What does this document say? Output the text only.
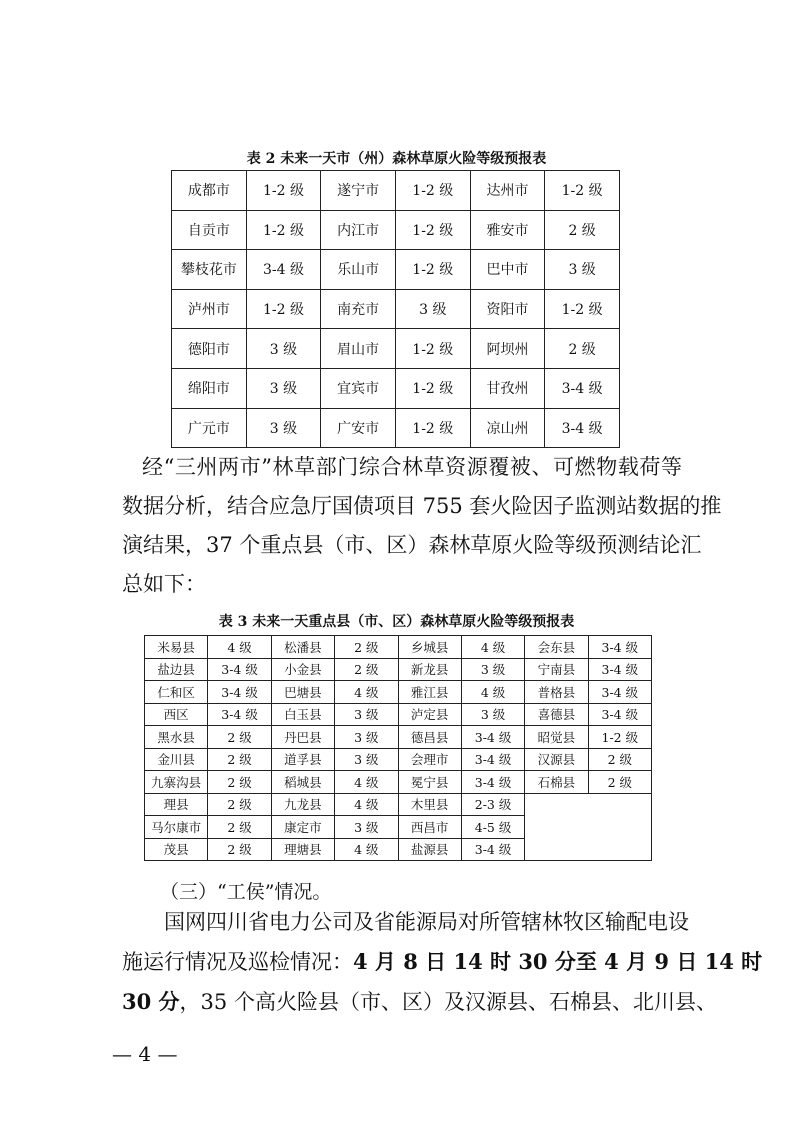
表 2 未来一天市（州）森林草原火险等级预报表
成都市	1-2 级	遂宁市	1-2 级	达州市	1-2 级
自贡市	1-2 级	内江市	1-2 级	雅安市	2 级
攀枝花市	3-4 级	乐山市	1-2 级	巴中市	3 级
泸州市	1-2 级	南充市	3 级	资阳市	1-2 级
德阳市	3 级	眉山市	1-2 级	阿坝州	2 级
绵阳市	3 级	宜宾市	1-2 级	甘孜州	3-4 级
广元市	3 级	广安市	1-2 级	凉山州	3-4 级
经“三州两市”林草部门综合林草资源覆被、可燃物载荷等
数据分析，结合应急厅国债项目 755 套火险因子监测站数据的推
演结果，37 个重点县（市、区）森林草原火险等级预测结论汇
总如下：
表 3 未来一天重点县（市、区）森林草原火险等级预报表
米易县	4 级	松潘县	2 级	乡城县	4 级	会东县	3-4 级
盐边县	3-4 级	小金县	2 级	新龙县	3 级	宁南县	3-4 级
仁和区	3-4 级	巴塘县	4 级	雅江县	4 级	普格县	3-4 级
西区	3-4 级	白玉县	3 级	泸定县	3 级	喜德县	3-4 级
黑水县	2 级	丹巴县	3 级	德昌县	3-4 级	昭觉县	1-2 级
金川县	2 级	道孚县	3 级	会理市	3-4 级	汉源县	2 级
九寨沟县	2 级	稻城县	4 级	冕宁县	3-4 级	石棉县	2 级
理县	2 级	九龙县	4 级	木里县	2-3 级		
马尔康市	2 级	康定市	3 级	西昌市	4-5 级		
茂县	2 级	理塘县	4 级	盐源县	3-4 级		
（三）“工侯”情况。
国网四川省电力公司及省能源局对所管辖林牧区输配电设
施运行情况及巡检情况：4 月 8 日 14 时 30 分至 4 月 9 日 14 时
30 分，35 个高火险县（市、区）及汉源县、石棉县、北川县、
— 4 —
